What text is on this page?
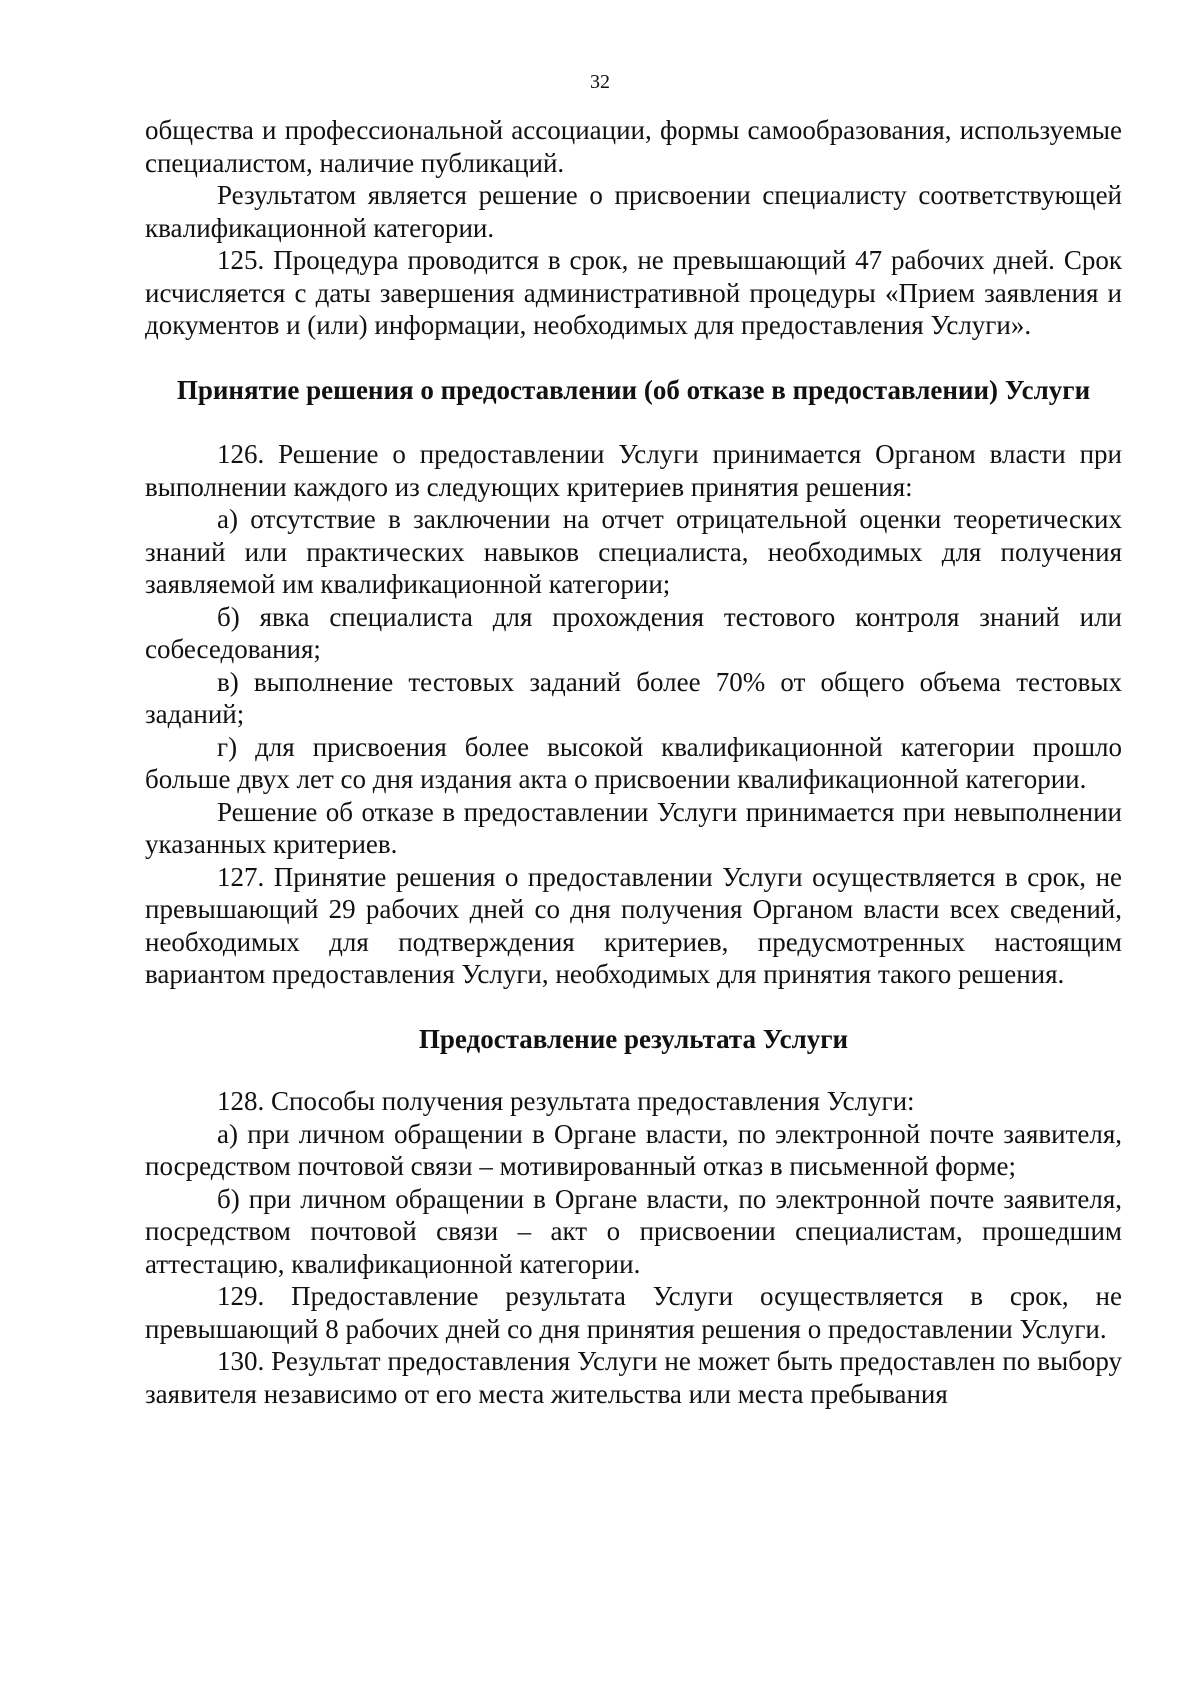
32

общества и профессиональной ассоциации, формы самообразования, используемые специалистом, наличие публикаций.

Результатом является решение о присвоении специалисту соответствующей квалификационной категории.

125. Процедура проводится в срок, не превышающий 47 рабочих дней. Срок исчисляется с даты завершения административной процедуры «Прием заявления и документов и (или) информации, необходимых для предоставления Услуги».

Принятие решения о предоставлении (об отказе в предоставлении) Услуги

126. Решение о предоставлении Услуги принимается Органом власти при выполнении каждого из следующих критериев принятия решения:

а) отсутствие в заключении на отчет отрицательной оценки теоретических знаний или практических навыков специалиста, необходимых для получения заявляемой им квалификационной категории;

б) явка специалиста для прохождения тестового контроля знаний или собеседования;

в) выполнение тестовых заданий более 70% от общего объема тестовых заданий;

г) для присвоения более высокой квалификационной категории прошло больше двух лет со дня издания акта о присвоении квалификационной категории.

Решение об отказе в предоставлении Услуги принимается при невыполнении указанных критериев.

127. Принятие решения о предоставлении Услуги осуществляется в срок, не превышающий 29 рабочих дней со дня получения Органом власти всех сведений, необходимых для подтверждения критериев, предусмотренных настоящим вариантом предоставления Услуги, необходимых для принятия такого решения.

Предоставление результата Услуги

128. Способы получения результата предоставления Услуги:

а) при личном обращении в Органе власти, по электронной почте заявителя, посредством почтовой связи – мотивированный отказ в письменной форме;

б) при личном обращении в Органе власти, по электронной почте заявителя, посредством почтовой связи – акт о присвоении специалистам, прошедшим аттестацию, квалификационной категории.

129. Предоставление результата Услуги осуществляется в срок, не превышающий 8 рабочих дней со дня принятия решения о предоставлении Услуги.

130. Результат предоставления Услуги не может быть предоставлен по выбору заявителя независимо от его места жительства или места пребывания
